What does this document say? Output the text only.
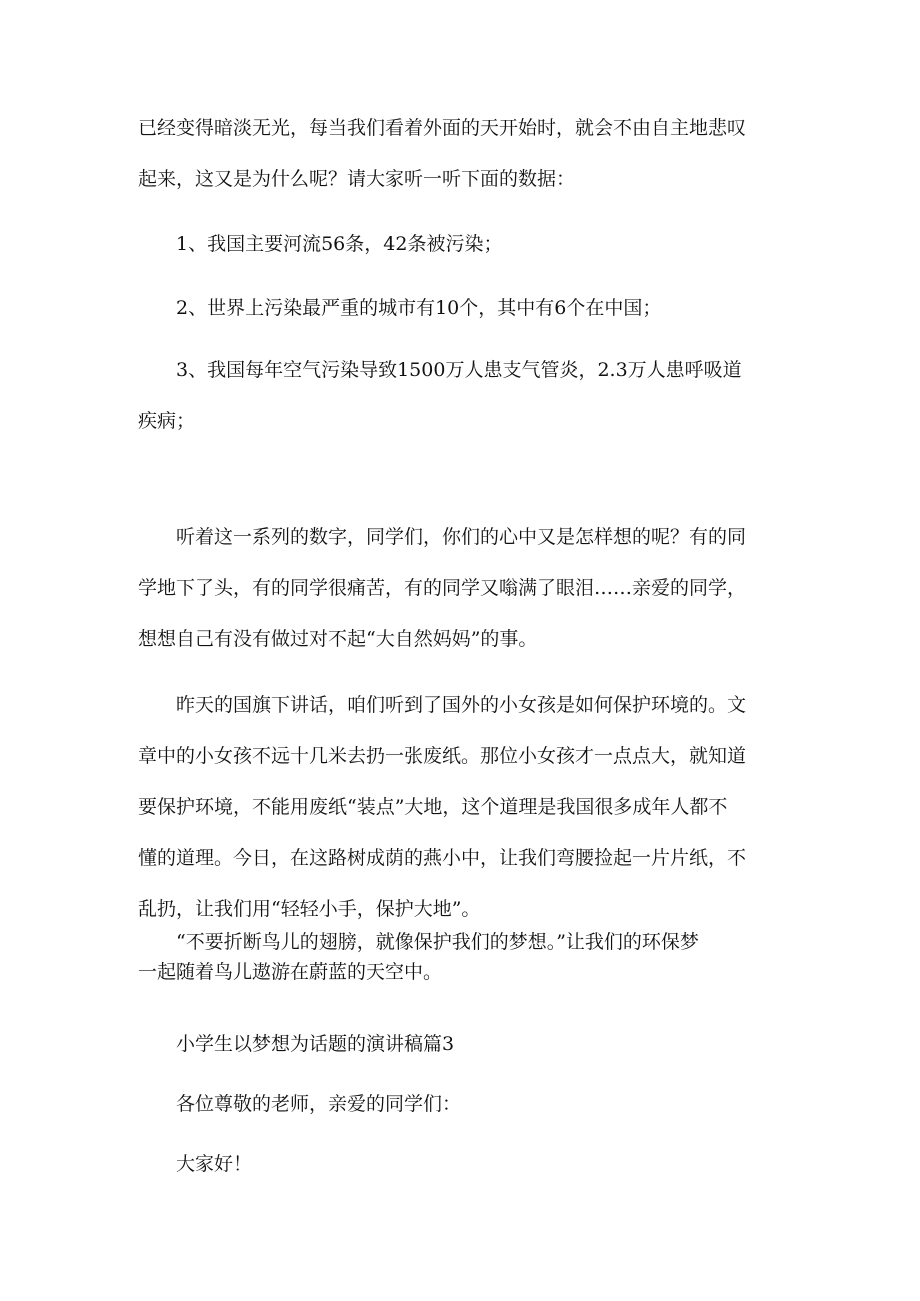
已经变得暗淡无光，每当我们看着外面的天开始时，就会不由自主地悲叹
起来，这又是为什么呢？请大家听一听下面的数据：
1、我国主要河流56条，42条被污染；
2、世界上污染最严重的城市有10个，其中有6个在中国；
3、我国每年空气污染导致1500万人患支气管炎，2.3万人患呼吸道
疾病；
听着这一系列的数字，同学们，你们的心中又是怎样想的呢？有的同
学地下了头，有的同学很痛苦，有的同学又嗡满了眼泪……亲爱的同学，
想想自己有没有做过对不起“大自然妈妈”的事。
昨天的国旗下讲话，咱们听到了国外的小女孩是如何保护环境的。文
章中的小女孩不远十几米去扔一张废纸。那位小女孩才一点点大，就知道
要保护环境，不能用废纸“装点”大地，这个道理是我国很多成年人都不
懂的道理。今日，在这路树成荫的燕小中，让我们弯腰捡起一片片纸，不
乱扔，让我们用“轻轻小手，保护大地”。
“不要折断鸟儿的翅膀，就像保护我们的梦想。”让我们的环保梦
一起随着鸟儿遨游在蔚蓝的天空中。
小学生以梦想为话题的演讲稿篇3
各位尊敬的老师，亲爱的同学们：
大家好！
